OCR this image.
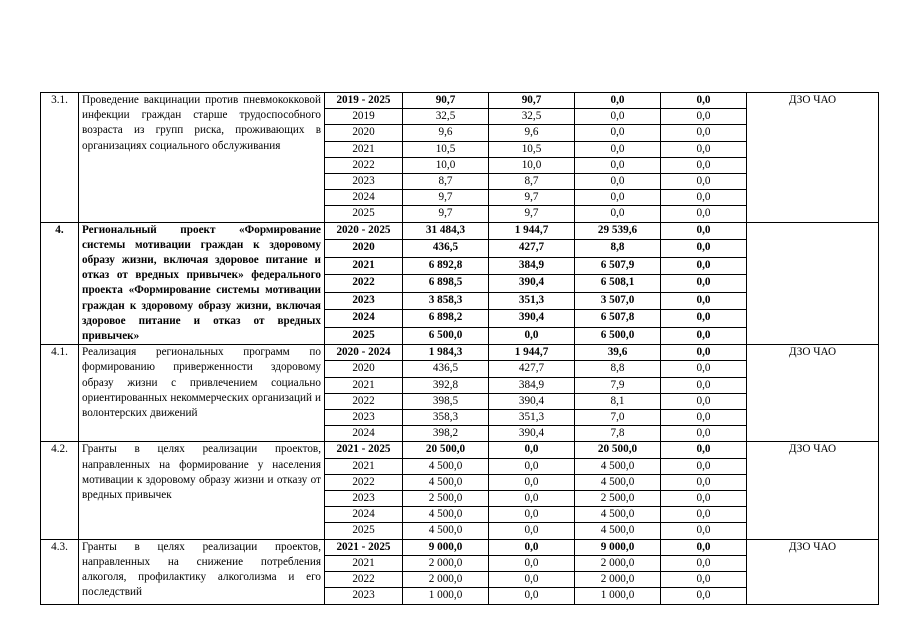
3.1.	Проведение вакцинации против пневмококковой инфекции граждан старше трудоспособного возраста из групп риска, проживающих в организациях социального обслуживания	2019 - 2025	90,7	90,7	0,0	0,0	ДЗО ЧАО
		2019	32,5	32,5	0,0	0,0	
		2020	9,6	9,6	0,0	0,0	
		2021	10,5	10,5	0,0	0,0	
		2022	10,0	10,0	0,0	0,0	
		2023	8,7	8,7	0,0	0,0	
		2024	9,7	9,7	0,0	0,0	
		2025	9,7	9,7	0,0	0,0	
4.	Региональный проект «Формирование системы мотивации граждан к здоровому образу жизни, включая здоровое питание и отказ от вредных привычек» федерального проекта «Формирование системы мотивации граждан к здоровому образу жизни, включая здоровое питание и отказ от вредных привычек»	2020 - 2025	31 484,3	1 944,7	29 539,6	0,0	
		2020	436,5	427,7	8,8	0,0	
		2021	6 892,8	384,9	6 507,9	0,0	
		2022	6 898,5	390,4	6 508,1	0,0	
		2023	3 858,3	351,3	3 507,0	0,0	
		2024	6 898,2	390,4	6 507,8	0,0	
		2025	6 500,0	0,0	6 500,0	0,0	
4.1.	Реализация региональных программ по формированию приверженности здоровому образу жизни с привлечением социально ориентированных некоммерческих организаций и волонтерских движений	2020 - 2024	1 984,3	1 944,7	39,6	0,0	ДЗО ЧАО
		2020	436,5	427,7	8,8	0,0	
		2021	392,8	384,9	7,9	0,0	
		2022	398,5	390,4	8,1	0,0	
		2023	358,3	351,3	7,0	0,0	
		2024	398,2	390,4	7,8	0,0	
4.2.	Гранты в целях реализации проектов, направленных на формирование у населения мотивации к здоровому образу жизни и отказу от вредных привычек	2021 - 2025	20 500,0	0,0	20 500,0	0,0	ДЗО ЧАО
		2021	4 500,0	0,0	4 500,0	0,0	
		2022	4 500,0	0,0	4 500,0	0,0	
		2023	2 500,0	0,0	2 500,0	0,0	
		2024	4 500,0	0,0	4 500,0	0,0	
		2025	4 500,0	0,0	4 500,0	0,0	
4.3.	Гранты в целях реализации проектов, направленных на снижение потребления алкоголя, профилактику алкоголизма и его последствий	2021 - 2025	9 000,0	0,0	9 000,0	0,0	ДЗО ЧАО
		2021	2 000,0	0,0	2 000,0	0,0	
		2022	2 000,0	0,0	2 000,0	0,0	
		2023	1 000,0	0,0	1 000,0	0,0	
